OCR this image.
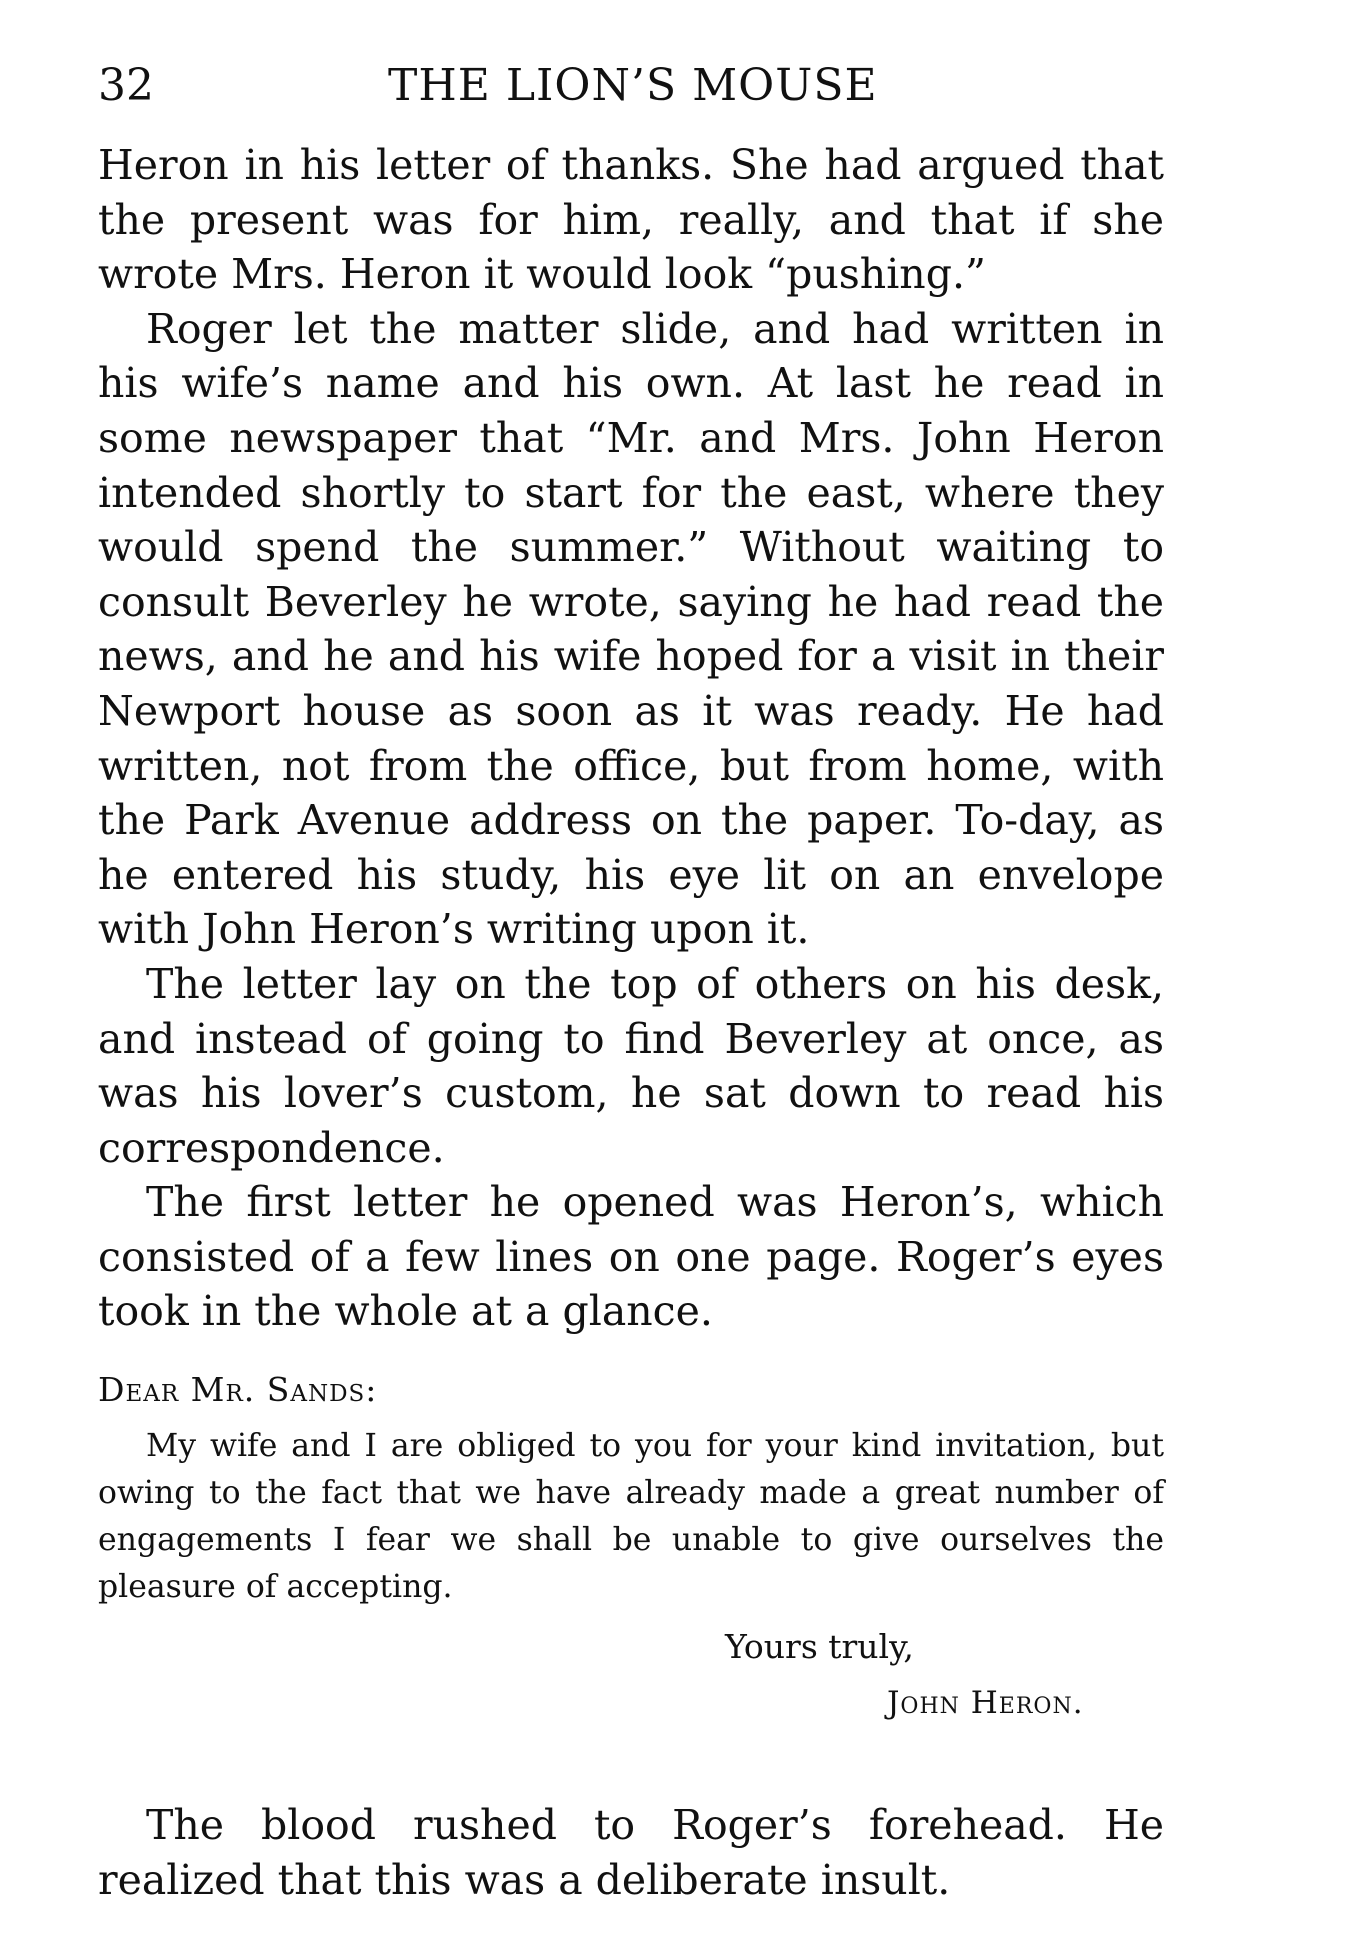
32	THE LION’S MOUSE

Heron in his letter of thanks. She had argued that the present was for him, really, and that if she wrote Mrs. Heron it would look “pushing.”

Roger let the matter slide, and had written in his wife’s name and his own. At last he read in some newspaper that “Mr. and Mrs. John Heron intended shortly to start for the east, where they would spend the summer.” Without waiting to consult Beverley he wrote, saying he had read the news, and he and his wife hoped for a visit in their Newport house as soon as it was ready. He had written, not from the office, but from home, with the Park Avenue address on the paper. To-day, as he entered his study, his eye lit on an envelope with John Heron’s writing upon it.

The letter lay on the top of others on his desk, and instead of going to find Beverley at once, as was his lover’s custom, he sat down to read his correspondence.

The first letter he opened was Heron’s, which consisted of a few lines on one page. Roger’s eyes took in the whole at a glance.

Dear Mr. Sands:

My wife and I are obliged to you for your kind invitation, but owing to the fact that we have already made a great number of engagements I fear we shall be unable to give ourselves the pleasure of accepting.

Yours truly,

John Heron.

The blood rushed to Roger’s forehead. He realized that this was a deliberate insult.
